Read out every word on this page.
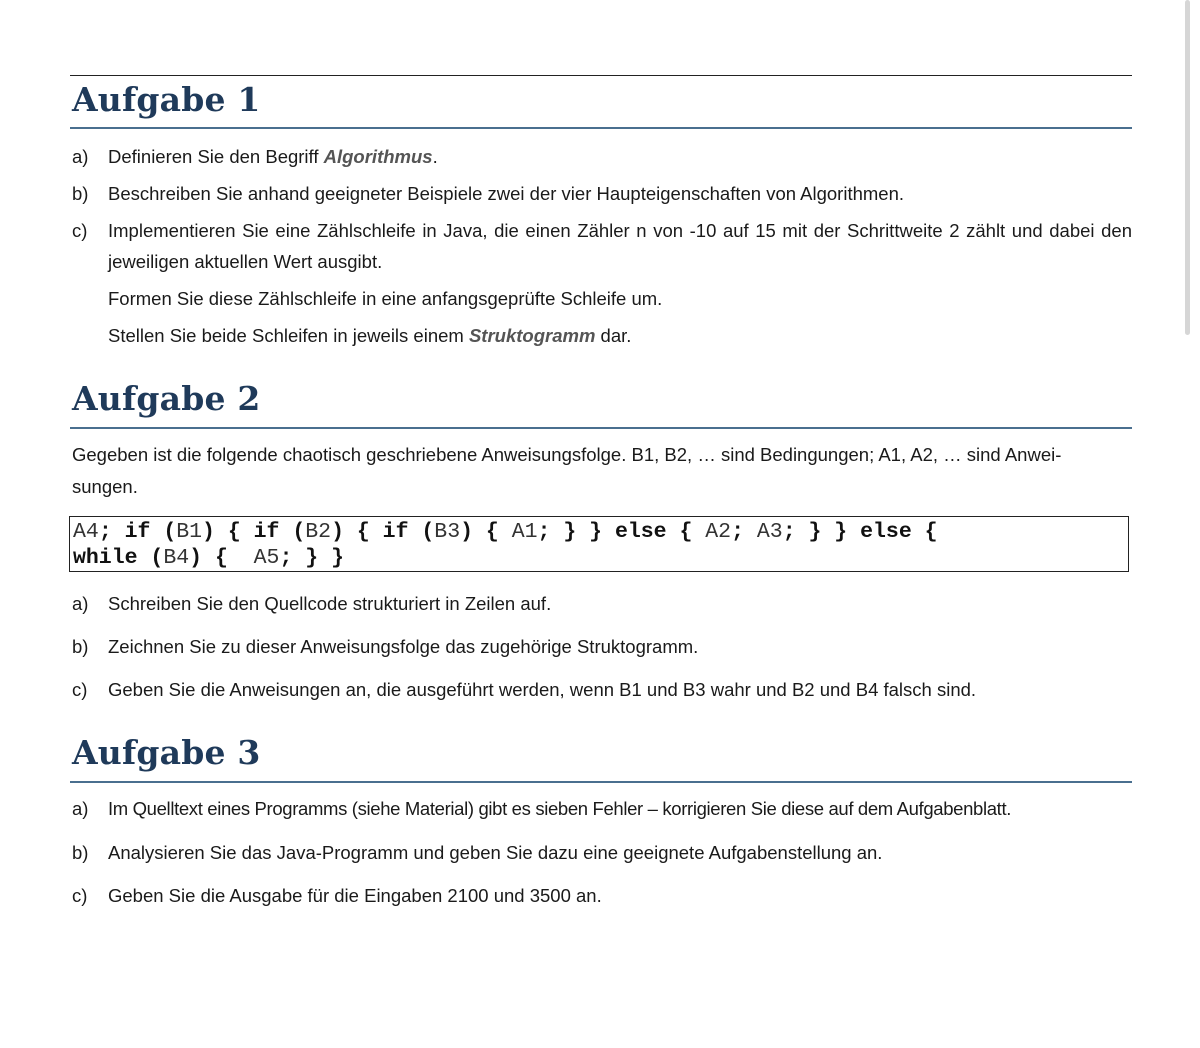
Aufgabe 1
a) Definieren Sie den Begriff Algorithmus.
b) Beschreiben Sie anhand geeigneter Beispiele zwei der vier Haupteigenschaften von Algorithmen.
c) Implementieren Sie eine Zählschleife in Java, die einen Zähler n von -10 auf 15 mit der Schrittweite 2 zählt und dabei den jeweiligen aktuellen Wert ausgibt.
Formen Sie diese Zählschleife in eine anfangsgeprüfte Schleife um.
Stellen Sie beide Schleifen in jeweils einem Struktogramm dar.
Aufgabe 2
Gegeben ist die folgende chaotisch geschriebene Anweisungsfolge. B1, B2, … sind Bedingungen; A1, A2, … sind Anwei-
sungen.
A4; if (B1) { if (B2) { if (B3) { A1; } } else { A2; A3; } } else {
while (B4) {  A5; } }
a) Schreiben Sie den Quellcode strukturiert in Zeilen auf.
b) Zeichnen Sie zu dieser Anweisungsfolge das zugehörige Struktogramm.
c) Geben Sie die Anweisungen an, die ausgeführt werden, wenn B1 und B3 wahr und B2 und B4 falsch sind.
Aufgabe 3
a) Im Quelltext eines Programms (siehe Material) gibt es sieben Fehler – korrigieren Sie diese auf dem Aufgabenblatt.
b) Analysieren Sie das Java-Programm und geben Sie dazu eine geeignete Aufgabenstellung an.
c) Geben Sie die Ausgabe für die Eingaben 2100 und 3500 an.
